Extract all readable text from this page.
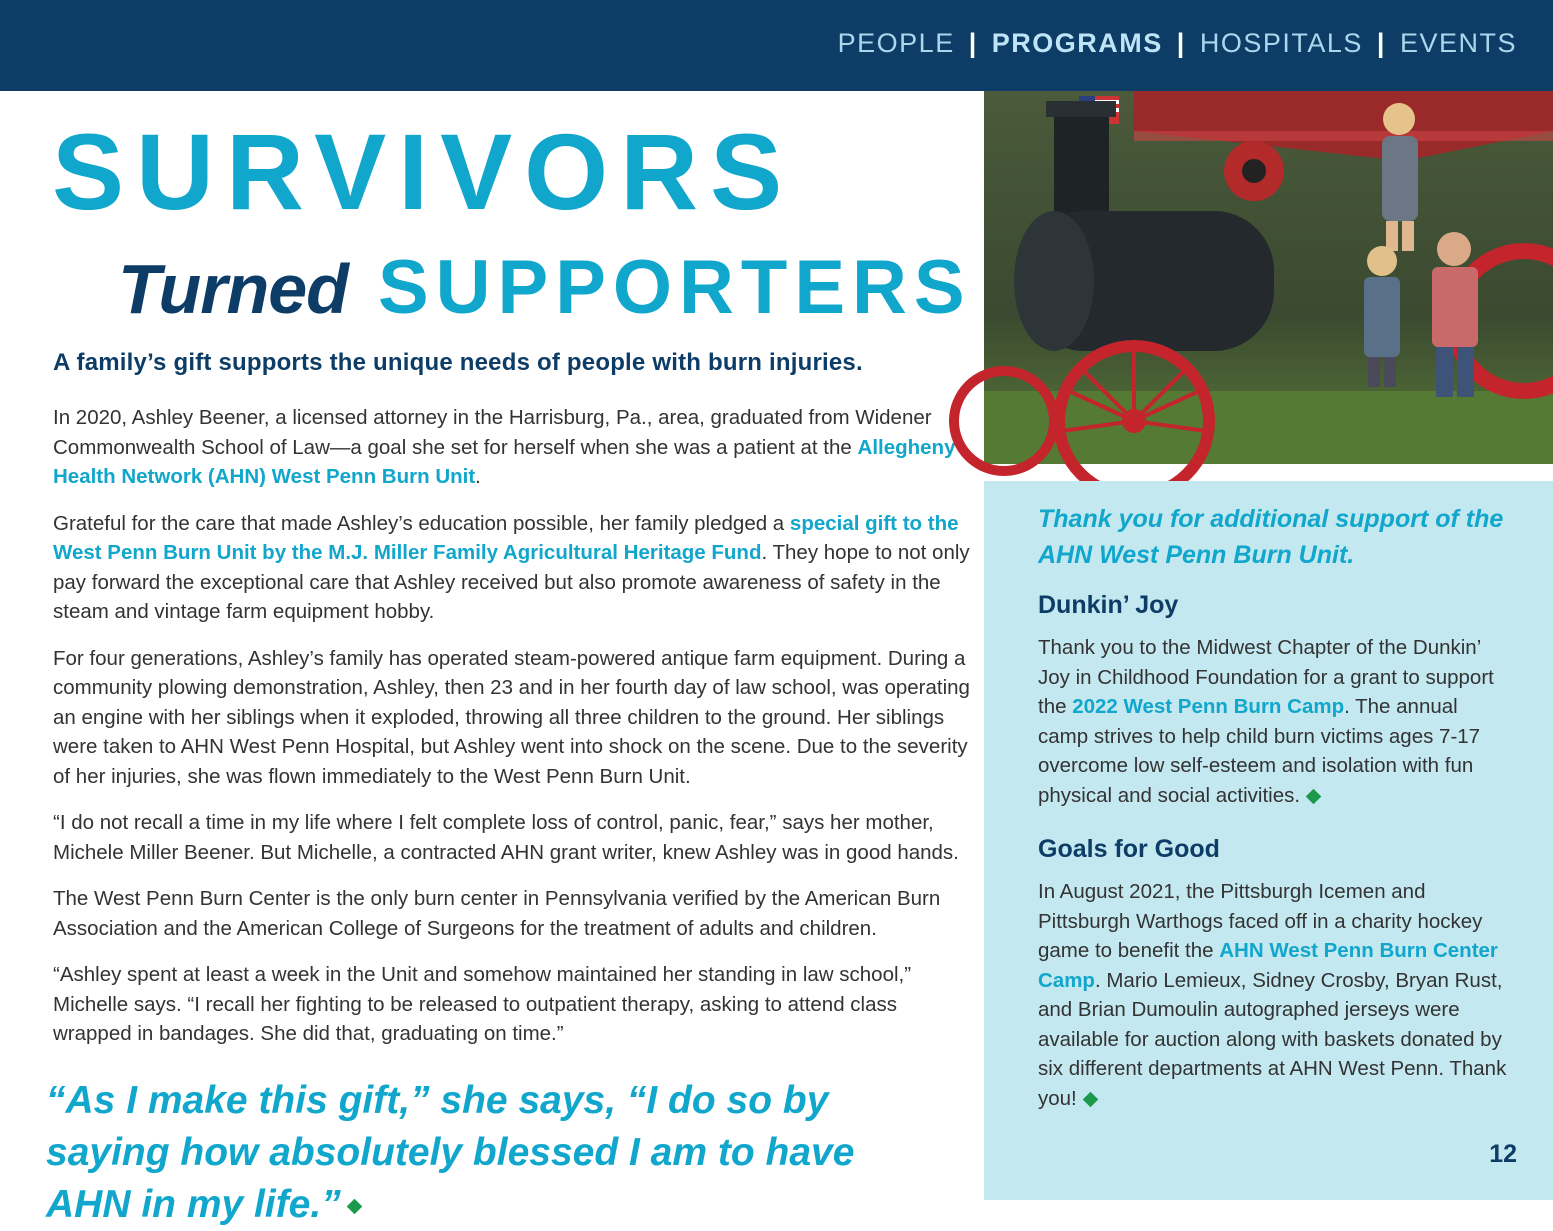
PEOPLE | PROGRAMS | HOSPITALS | EVENTS
SURVIVORS
Turned SUPPORTERS
A family’s gift supports the unique needs of people with burn injuries.

In 2020, Ashley Beener, a licensed attorney in the Harrisburg, Pa., area, graduated from Widener Commonwealth School of Law—a goal she set for herself when she was a patient at the Allegheny Health Network (AHN) West Penn Burn Unit.

Grateful for the care that made Ashley’s education possible, her family pledged a special gift to the West Penn Burn Unit by the M.J. Miller Family Agricultural Heritage Fund. They hope to not only pay forward the exceptional care that Ashley received but also promote awareness of safety in the steam and vintage farm equipment hobby.

For four generations, Ashley’s family has operated steam-powered antique farm equipment. During a community plowing demonstration, Ashley, then 23 and in her fourth day of law school, was operating an engine with her siblings when it exploded, throwing all three children to the ground. Her siblings were taken to AHN West Penn Hospital, but Ashley went into shock on the scene. Due to the severity of her injuries, she was flown immediately to the West Penn Burn Unit.

“I do not recall a time in my life where I felt complete loss of control, panic, fear,” says her mother, Michele Miller Beener. But Michelle, a contracted AHN grant writer, knew Ashley was in good hands.

The West Penn Burn Center is the only burn center in Pennsylvania verified by the American Burn Association and the American College of Surgeons for the treatment of adults and children.

“Ashley spent at least a week in the Unit and somehow maintained her standing in law school,” Michelle says. “I recall her fighting to be released to outpatient therapy, asking to attend class wrapped in bandages. She did that, graduating on time.”

“As I make this gift,” she says, “I do so by saying how absolutely blessed I am to have AHN in my life.”
Thank you for additional support of the AHN West Penn Burn Unit.
Dunkin’ Joy

Thank you to the Midwest Chapter of the Dunkin’ Joy in Childhood Foundation for a grant to support the 2022 West Penn Burn Camp. The annual camp strives to help child burn victims ages 7-17 overcome low self-esteem and isolation with fun physical and social activities.

Goals for Good

In August 2021, the Pittsburgh Icemen and Pittsburgh Warthogs faced off in a charity hockey game to benefit the AHN West Penn Burn Center Camp. Mario Lemieux, Sidney Crosby, Bryan Rust, and Brian Dumoulin autographed jerseys were available for auction along with baskets donated by six different departments at AHN West Penn. Thank you!

12
